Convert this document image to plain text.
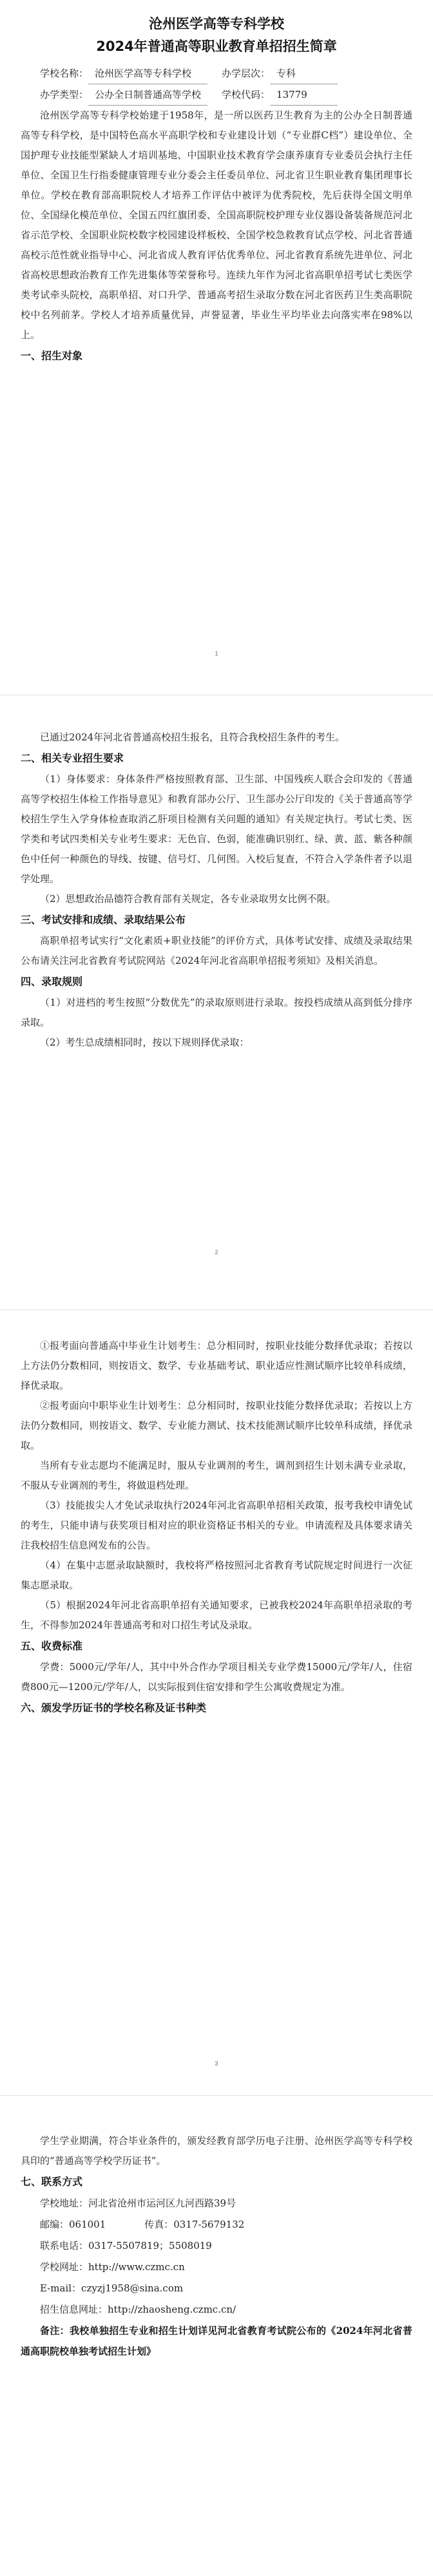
沧州医学高等专科学校
2024年普通高等职业教育单招招生简章
学校名称： 沧州医学高等专科学校	办学层次： 专科
办学类型： 公办全日制普通高等学校	学校代码： 13779

沧州医学高等专科学校始建于1958年，是一所以医药卫生教育为主的公办全日制普通高等专科学校，是中国特色高水平高职学校和专业建设计划（“专业群C档”）建设单位、全国护理专业技能型紧缺人才培训基地、中国职业技术教育学会康养康育专业委员会执行主任单位、全国卫生行指委健康管理专业分委会主任委员单位、河北省卫生职业教育集团理事长单位。学校在教育部高职院校人才培养工作评估中被评为优秀院校，先后获得全国文明单位、全国绿化模范单位、全国五四红旗团委、全国高职院校护理专业仪器设备装备规范河北省示范学校、全国职业院校数字校园建设样板校、全国学校急救教育试点学校、河北省普通高校示范性就业指导中心、河北省成人教育评估优秀单位、河北省教育系统先进单位、河北省高校思想政治教育工作先进集体等荣誉称号。连续九年作为河北省高职单招考试七类医学类考试牵头院校，高职单招、对口升学、普通高考招生录取分数在河北省医药卫生类高职院校中名列前茅。学校人才培养质量优异，声誉显著，毕业生平均毕业去向落实率在98%以上。

一、招生对象
1

已通过2024年河北省普通高校招生报名，且符合我校招生条件的考生。

二、相关专业招生要求

（1）身体要求：身体条件严格按照教育部、卫生部、中国残疾人联合会印发的《普通高等学校招生体检工作指导意见》和教育部办公厅、卫生部办公厅印发的《关于普通高等学校招生学生入学身体检查取消乙肝项目检测有关问题的通知》有关规定执行。考试七类、医学类和考试四类相关专业考生要求：无色盲、色弱，能准确识别红、绿、黄、蓝、紫各种颜色中任何一种颜色的导线、按键、信号灯、几何图。入校后复查，不符合入学条件者予以退学处理。

（2）思想政治品德符合教育部有关规定，各专业录取男女比例不限。

三、考试安排和成绩、录取结果公布

高职单招考试实行“文化素质+职业技能”的评价方式，具体考试安排、成绩及录取结果公布请关注河北省教育考试院网站《2024年河北省高职单招报考须知》及相关消息。

四、录取规则

（1）对进档的考生按照“分数优先”的录取原则进行录取。按投档成绩从高到低分排序录取。

（2）考生总成绩相同时，按以下规则择优录取：

2

①报考面向普通高中毕业生计划考生：总分相同时，按职业技能分数择优录取；若按以上方法仍分数相同，则按语文、数学、专业基础考试、职业适应性测试顺序比较单科成绩，择优录取。

②报考面向中职毕业生计划考生：总分相同时，按职业技能分数择优录取；若按以上方法仍分数相同，则按语文、数学、专业能力测试、技术技能测试顺序比较单科成绩，择优录取。

当所有专业志愿均不能满足时，服从专业调剂的考生，调剂到招生计划未满专业录取，不服从专业调剂的考生，将做退档处理。

（3）技能拔尖人才免试录取执行2024年河北省高职单招相关政策，报考我校申请免试的考生，只能申请与获奖项目相对应的职业资格证书相关的专业。申请流程及具体要求请关注我校招生信息网发布的公告。

（4）在集中志愿录取缺额时，我校将严格按照河北省教育考试院规定时间进行一次征集志愿录取。

（5）根据2024年河北省高职单招有关通知要求，已被我校2024年高职单招录取的考生，不得参加2024年普通高考和对口招生考试及录取。

五、收费标准

学费：5000元/学年/人，其中中外合作办学项目相关专业学费15000元/学年/人，住宿费800元—1200元/学年/人，以实际报到住宿安排和学生公寓收费规定为准。

六、颁发学历证书的学校名称及证书种类
3

学生学业期满，符合毕业条件的，颁发经教育部学历电子注册、沧州医学高等专科学校具印的“普通高等学校学历证书”。

七、联系方式
学校地址：河北省沧州市运河区九河西路39号
邮编：061001	传真：0317-5679132
联系电话：0317-5507819；5508019
学校网址：http://www.czmc.cn
E-mail：czyzj1958@sina.com
招生信息网址：http://zhaosheng.czmc.cn/

备注：我校单独招生专业和招生计划详见河北省教育考试院公布的《2024年河北省普通高职院校单独考试招生计划》
